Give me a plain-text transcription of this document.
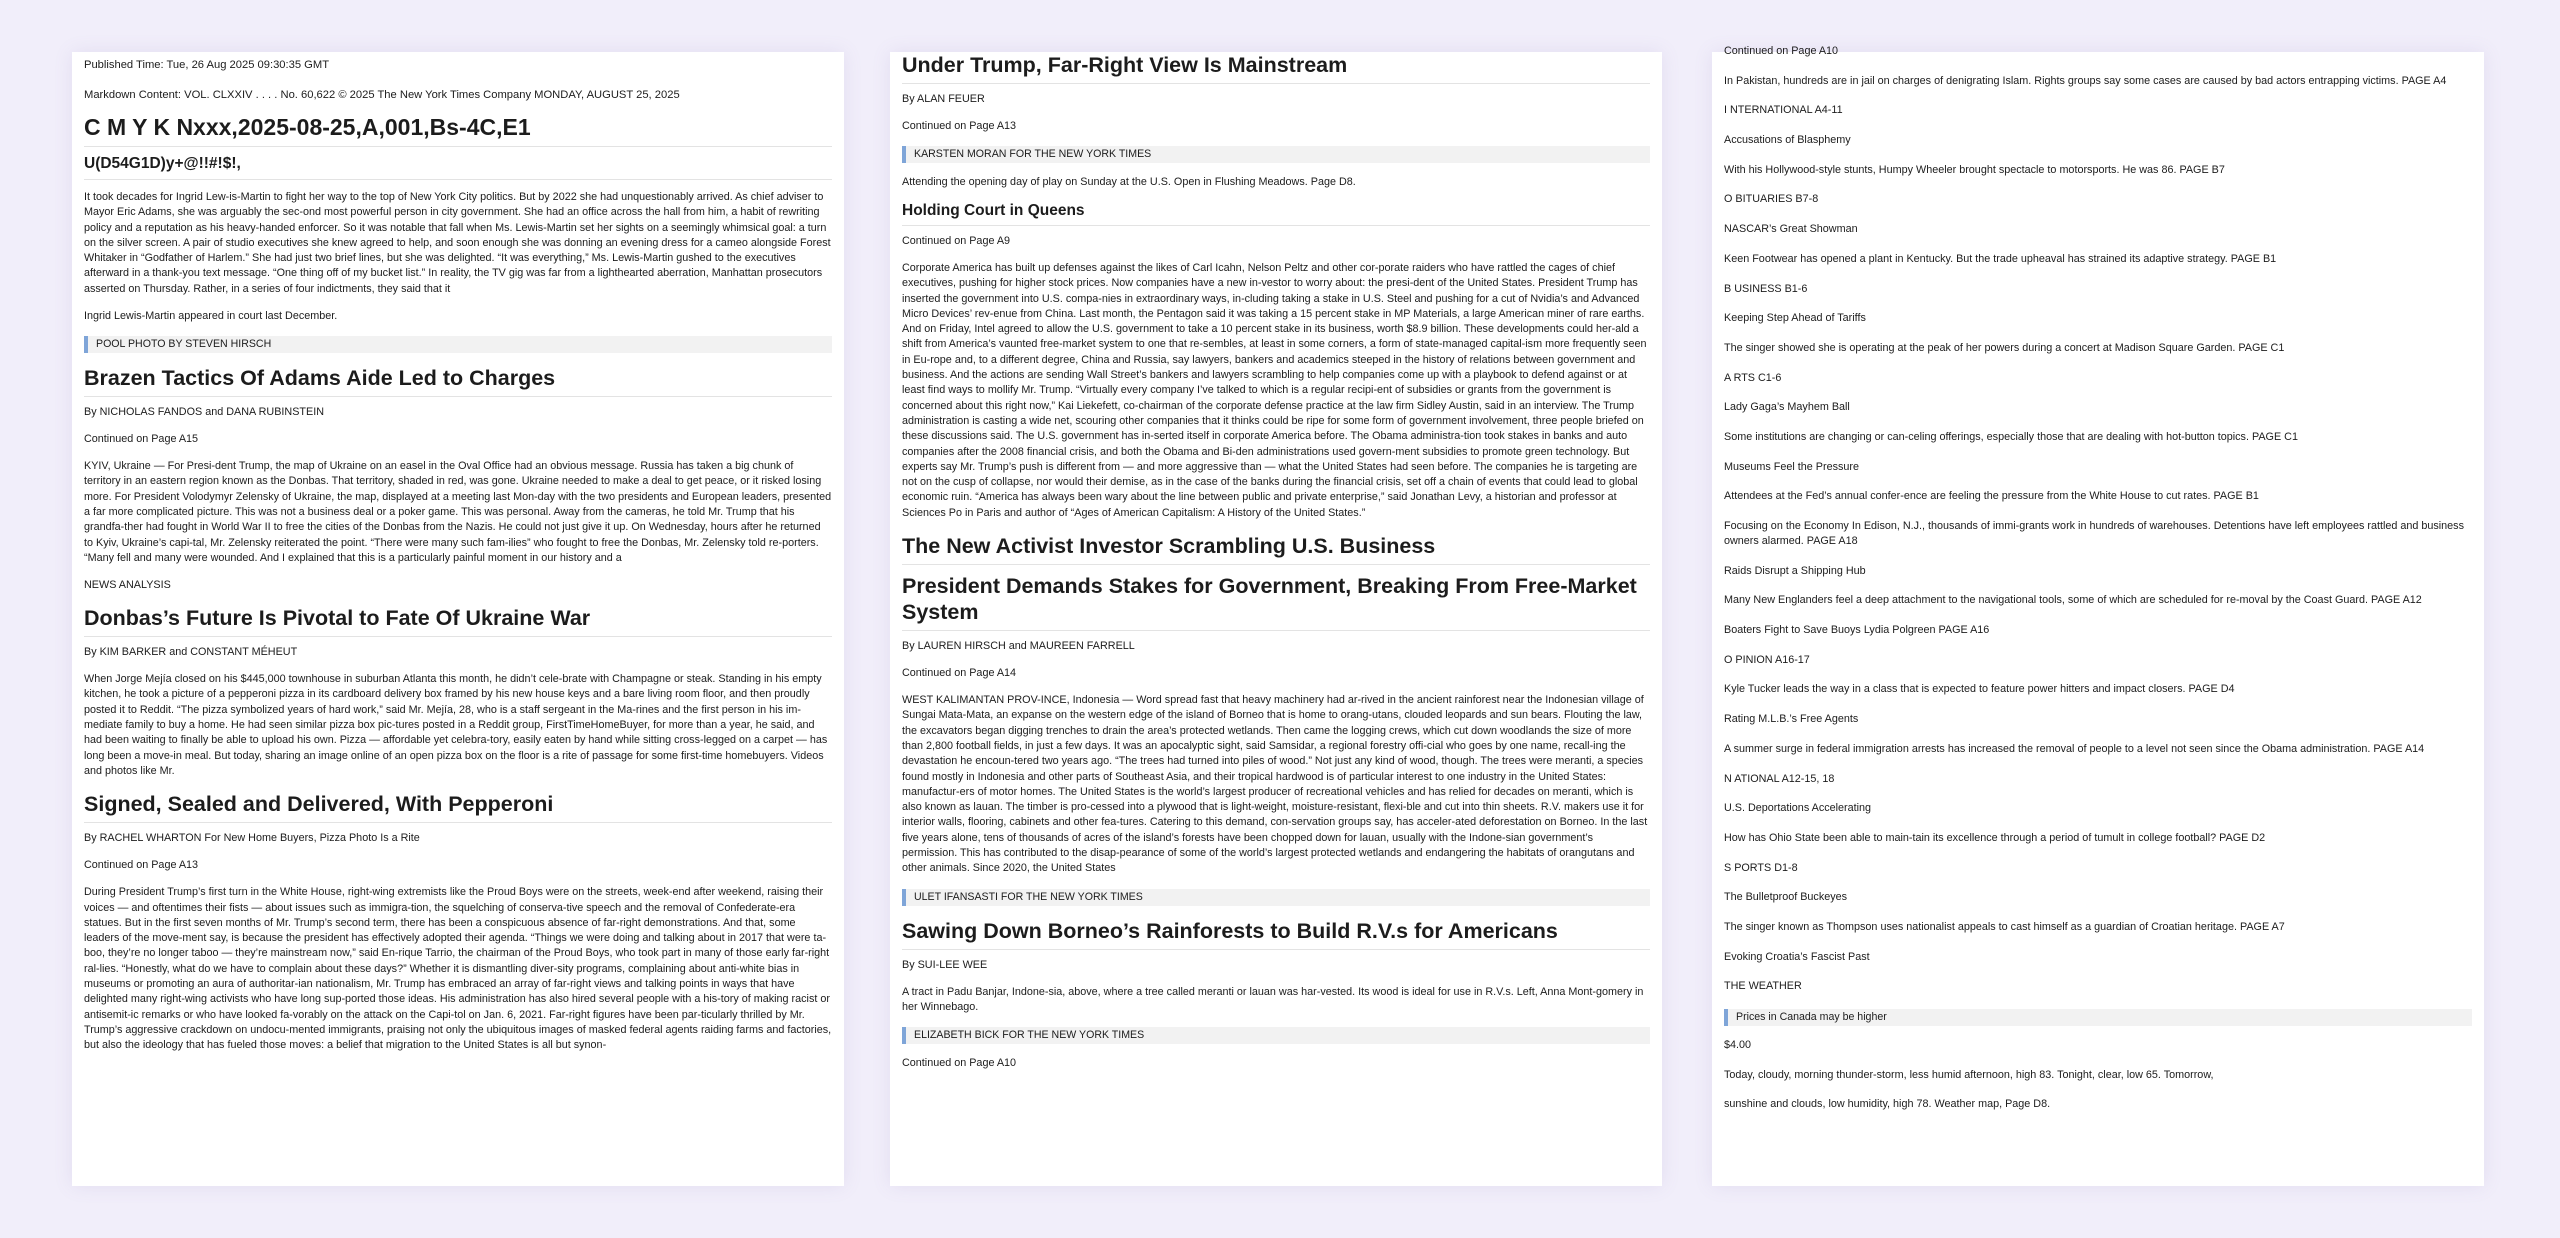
Published Time: Tue, 26 Aug 2025 09:30:35 GMT
Markdown Content: VOL. CLXXIV . . . . No. 60,622 © 2025 The New York Times Company MONDAY, AUGUST 25, 2025
C M Y K Nxxx,2025-08-25,A,001,Bs-4C,E1
U(D54G1D)y+@!!#!$!,
It took decades for Ingrid Lew-is-Martin to fight her way to the top of New York City politics. But by 2022 she had unquestionably arrived. As chief adviser to Mayor Eric Adams, she was arguably the sec-ond most powerful person in city government. She had an office across the hall from him, a habit of rewriting policy and a reputation as his heavy-handed enforcer. So it was notable that fall when Ms. Lewis-Martin set her sights on a seemingly whimsical goal: a turn on the silver screen. A pair of studio executives she knew agreed to help, and soon enough she was donning an evening dress for a cameo alongside Forest Whitaker in “Godfather of Harlem.” She had just two brief lines, but she was delighted. “It was everything,” Ms. Lewis-Martin gushed to the executives afterward in a thank-you text message. “One thing off of my bucket list.” In reality, the TV gig was far from a lighthearted aberration, Manhattan prosecutors asserted on Thursday. Rather, in a series of four indictments, they said that it
Ingrid Lewis-Martin appeared in court last December.
POOL PHOTO BY STEVEN HIRSCH
Brazen Tactics Of Adams Aide Led to Charges
By NICHOLAS FANDOS and DANA RUBINSTEIN
Continued on Page A15
KYIV, Ukraine — For Presi-dent Trump, the map of Ukraine on an easel in the Oval Office had an obvious message. Russia has taken a big chunk of territory in an eastern region known as the Donbas. That territory, shaded in red, was gone. Ukraine needed to make a deal to get peace, or it risked losing more. For President Volodymyr Zelensky of Ukraine, the map, displayed at a meeting last Mon-day with the two presidents and European leaders, presented a far more complicated picture. This was not a business deal or a poker game. This was personal. Away from the cameras, he told Mr. Trump that his grandfa-ther had fought in World War II to free the cities of the Donbas from the Nazis. He could not just give it up. On Wednesday, hours after he returned to Kyiv, Ukraine’s capi-tal, Mr. Zelensky reiterated the point. “There were many such fam-ilies” who fought to free the Donbas, Mr. Zelensky told re-porters. “Many fell and many were wounded. And I explained that this is a particularly painful moment in our history and a
NEWS ANALYSIS
Donbas’s Future Is Pivotal to Fate Of Ukraine War
By KIM BARKER and CONSTANT MÉHEUT
When Jorge Mejía closed on his $445,000 townhouse in suburban Atlanta this month, he didn’t cele-brate with Champagne or steak. Standing in his empty kitchen, he took a picture of a pepperoni pizza in its cardboard delivery box framed by his new house keys and a bare living room floor, and then proudly posted it to Reddit. “The pizza symbolized years of hard work,” said Mr. Mejía, 28, who is a staff sergeant in the Ma-rines and the first person in his im-mediate family to buy a home. He had seen similar pizza box pic-tures posted in a Reddit group, FirstTimeHomeBuyer, for more than a year, he said, and had been waiting to finally be able to upload his own. Pizza — affordable yet celebra-tory, easily eaten by hand while sitting cross-legged on a carpet — has long been a move-in meal. But today, sharing an image online of an open pizza box on the floor is a rite of passage for some first-time homebuyers. Videos and photos like Mr.
Signed, Sealed and Delivered, With Pepperoni
By RACHEL WHARTON For New Home Buyers, Pizza Photo Is a Rite
Continued on Page A13
During President Trump’s first turn in the White House, right-wing extremists like the Proud Boys were on the streets, week-end after weekend, raising their voices — and oftentimes their fists — about issues such as immigra-tion, the squelching of conserva-tive speech and the removal of Confederate-era statues. But in the first seven months of Mr. Trump’s second term, there has been a conspicuous absence of far-right demonstrations. And that, some leaders of the move-ment say, is because the president has effectively adopted their agenda. “Things we were doing and talking about in 2017 that were ta-boo, they’re no longer taboo — they’re mainstream now,” said En-rique Tarrio, the chairman of the Proud Boys, who took part in many of those early far-right ral-lies. “Honestly, what do we have to complain about these days?” Whether it is dismantling diver-sity programs, complaining about anti-white bias in museums or promoting an aura of authoritar-ian nationalism, Mr. Trump has embraced an array of far-right views and talking points in ways that have delighted many right-wing activists who have long sup-ported those ideas. His administration has also hired several people with a his-tory of making racist or antisemit-ic remarks or who have looked fa-vorably on the attack on the Capi-tol on Jan. 6, 2021. Far-right figures have been par-ticularly thrilled by Mr. Trump’s aggressive crackdown on undocu-mented immigrants, praising not only the ubiquitous images of masked federal agents raiding farms and factories, but also the ideology that has fueled those moves: a belief that migration to the United States is all but synon-
Under Trump, Far-Right View Is Mainstream
By ALAN FEUER
Continued on Page A13
KARSTEN MORAN FOR THE NEW YORK TIMES
Attending the opening day of play on Sunday at the U.S. Open in Flushing Meadows. Page D8.
Holding Court in Queens
Continued on Page A9
Corporate America has built up defenses against the likes of Carl Icahn, Nelson Peltz and other cor-porate raiders who have rattled the cages of chief executives, pushing for higher stock prices. Now companies have a new in-vestor to worry about: the presi-dent of the United States. President Trump has inserted the government into U.S. compa-nies in extraordinary ways, in-cluding taking a stake in U.S. Steel and pushing for a cut of Nvidia’s and Advanced Micro Devices’ rev-enue from China. Last month, the Pentagon said it was taking a 15 percent stake in MP Materials, a large American miner of rare earths. And on Friday, Intel agreed to allow the U.S. government to take a 10 percent stake in its business, worth $8.9 billion. These developments could her-ald a shift from America’s vaunted free-market system to one that re-sembles, at least in some corners, a form of state-managed capital-ism more frequently seen in Eu-rope and, to a different degree, China and Russia, say lawyers, bankers and academics steeped in the history of relations between government and business. And the actions are sending Wall Street’s bankers and lawyers scrambling to help companies come up with a playbook to defend against or at least find ways to mollify Mr. Trump. “Virtually every company I’ve talked to which is a regular recipi-ent of subsidies or grants from the government is concerned about this right now,” Kai Liekefett, co-chairman of the corporate defense practice at the law firm Sidley Austin, said in an interview. The Trump administration is casting a wide net, scouring other companies that it thinks could be ripe for some form of government involvement, three people briefed on these discussions said. The U.S. government has in-serted itself in corporate America before. The Obama administra-tion took stakes in banks and auto companies after the 2008 financial crisis, and both the Obama and Bi-den administrations used govern-ment subsidies to promote green technology. But experts say Mr. Trump’s push is different from — and more aggressive than — what the United States had seen before. The companies he is targeting are not on the cusp of collapse, nor would their demise, as in the case of the banks during the financial crisis, set off a chain of events that could lead to global economic ruin. “America has always been wary about the line between public and private enterprise,” said Jonathan Levy, a historian and professor at Sciences Po in Paris and author of “Ages of American Capitalism: A History of the United States.”
The New Activist Investor Scrambling U.S. Business
President Demands Stakes for Government, Breaking From Free-Market System
By LAUREN HIRSCH and MAUREEN FARRELL
Continued on Page A14
WEST KALIMANTAN PROV-INCE, Indonesia — Word spread fast that heavy machinery had ar-rived in the ancient rainforest near the Indonesian village of Sungai Mata-Mata, an expanse on the western edge of the island of Borneo that is home to orang-utans, clouded leopards and sun bears. Flouting the law, the excavators began digging trenches to drain the area’s protected wetlands. Then came the logging crews, which cut down woodlands the size of more than 2,800 football fields, in just a few days. It was an apocalyptic sight, said Samsidar, a regional forestry offi-cial who goes by one name, recall-ing the devastation he encoun-tered two years ago. “The trees had turned into piles of wood.” Not just any kind of wood, though. The trees were meranti, a species found mostly in Indonesia and other parts of Southeast Asia, and their tropical hardwood is of particular interest to one industry in the United States: manufactur-ers of motor homes. The United States is the world’s largest producer of recreational vehicles and has relied for decades on meranti, which is also known as lauan. The timber is pro-cessed into a plywood that is light-weight, moisture-resistant, flexi-ble and cut into thin sheets. R.V. makers use it for interior walls, flooring, cabinets and other fea-tures. Catering to this demand, con-servation groups say, has acceler-ated deforestation on Borneo. In the last five years alone, tens of thousands of acres of the island’s forests have been chopped down for lauan, usually with the Indone-sian government’s permission. This has contributed to the disap-pearance of some of the world’s largest protected wetlands and endangering the habitats of orangutans and other animals. Since 2020, the United States
ULET IFANSASTI FOR THE NEW YORK TIMES
Sawing Down Borneo’s Rainforests to Build R.V.s for Americans
By SUI-LEE WEE
A tract in Padu Banjar, Indone-sia, above, where a tree called meranti or lauan was har-vested. Its wood is ideal for use in R.V.s. Left, Anna Mont-gomery in her Winnebago.
ELIZABETH BICK FOR THE NEW YORK TIMES
Continued on Page A10
Continued on Page A10
In Pakistan, hundreds are in jail on charges of denigrating Islam. Rights groups say some cases are caused by bad actors entrapping victims. PAGE A4
I NTERNATIONAL A4-11
Accusations of Blasphemy
With his Hollywood-style stunts, Humpy Wheeler brought spectacle to motorsports. He was 86. PAGE B7
O BITUARIES B7-8
NASCAR’s Great Showman
Keen Footwear has opened a plant in Kentucky. But the trade upheaval has strained its adaptive strategy. PAGE B1
B USINESS B1-6
Keeping Step Ahead of Tariffs
The singer showed she is operating at the peak of her powers during a concert at Madison Square Garden. PAGE C1
A RTS C1-6
Lady Gaga’s Mayhem Ball
Some institutions are changing or can-celing offerings, especially those that are dealing with hot-button topics. PAGE C1
Museums Feel the Pressure
Attendees at the Fed’s annual confer-ence are feeling the pressure from the White House to cut rates. PAGE B1
Focusing on the Economy In Edison, N.J., thousands of immi-grants work in hundreds of warehouses. Detentions have left employees rattled and business owners alarmed. PAGE A18
Raids Disrupt a Shipping Hub
Many New Englanders feel a deep attachment to the navigational tools, some of which are scheduled for re-moval by the Coast Guard. PAGE A12
Boaters Fight to Save Buoys Lydia Polgreen PAGE A16
O PINION A16-17
Kyle Tucker leads the way in a class that is expected to feature power hitters and impact closers. PAGE D4
Rating M.L.B.’s Free Agents
A summer surge in federal immigration arrests has increased the removal of people to a level not seen since the Obama administration. PAGE A14
N ATIONAL A12-15, 18
U.S. Deportations Accelerating
How has Ohio State been able to main-tain its excellence through a period of tumult in college football? PAGE D2
S PORTS D1-8
The Bulletproof Buckeyes
The singer known as Thompson uses nationalist appeals to cast himself as a guardian of Croatian heritage. PAGE A7
Evoking Croatia’s Fascist Past
THE WEATHER
Prices in Canada may be higher
$4.00
Today, cloudy, morning thunder-storm, less humid afternoon, high 83. Tonight, clear, low 65. Tomorrow,
sunshine and clouds, low humidity, high 78. Weather map, Page D8.
